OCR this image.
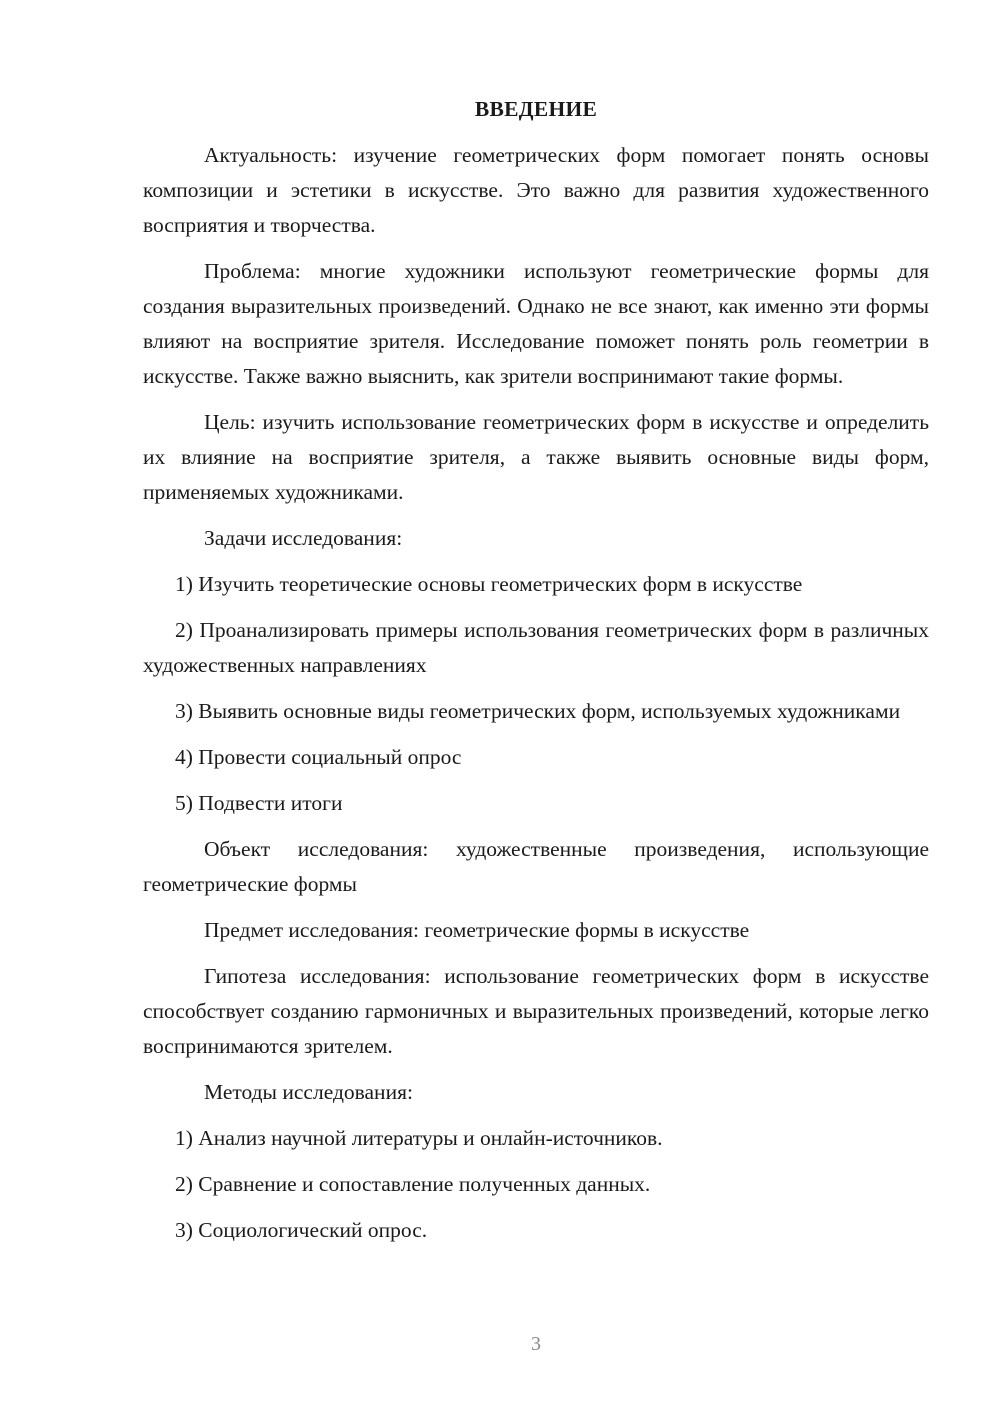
ВВЕДЕНИЕ

Актуальность: изучение геометрических форм помогает понять основы композиции и эстетики в искусстве. Это важно для развития художественного восприятия и творчества.

Проблема: многие художники используют геометрические формы для создания выразительных произведений. Однако не все знают, как именно эти формы влияют на восприятие зрителя. Исследование поможет понять роль геометрии в искусстве. Также важно выяснить, как зрители воспринимают такие формы.

Цель: изучить использование геометрических форм в искусстве и определить их влияние на восприятие зрителя, а также выявить основные виды форм, применяемых художниками.

Задачи исследования:

1) Изучить теоретические основы геометрических форм в искусстве

2) Проанализировать примеры использования геометрических форм в различных художественных направлениях

3) Выявить основные виды геометрических форм, используемых художниками

4) Провести социальный опрос

5) Подвести итоги

Объект исследования: художественные произведения, использующие геометрические формы

Предмет исследования: геометрические формы в искусстве

Гипотеза исследования: использование геометрических форм в искусстве способствует созданию гармоничных и выразительных произведений, которые легко воспринимаются зрителем.

Методы исследования:

1) Анализ научной литературы и онлайн-источников.

2) Сравнение и сопоставление полученных данных.

3) Социологический опрос.

3
